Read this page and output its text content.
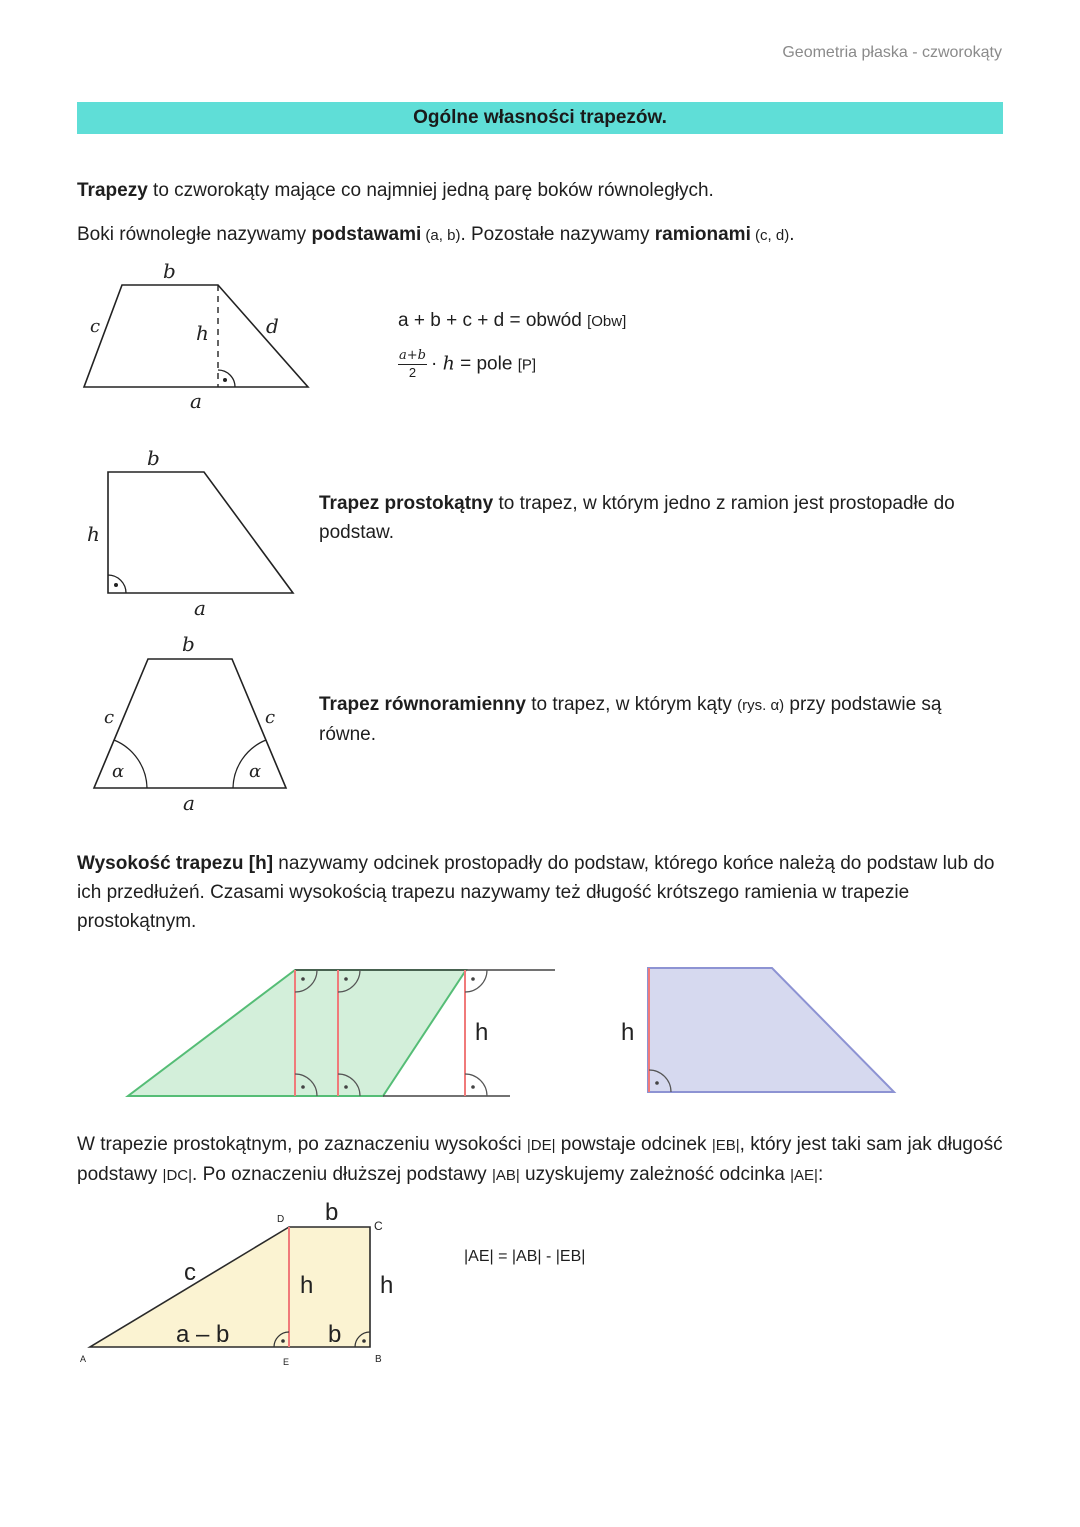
Geometria płaska - czworokąty
Ogólne własności trapezów.
Trapezy to czworokąty mające co najmniej jedną parę boków równoległych.
Boki równoległe nazywamy podstawami (a, b). Pozostałe nazywamy ramionami (c, d).
b
c	h	d
a
a + b + c + d = obwód [Obw]
$\frac{a+b}{2} \cdot h$ = pole [P]
b
h
a
Trapez prostokątny to trapez, w którym jedno z ramion jest prostopadłe do podstaw.
b
c	c
α	α
a
Trapez równoramienny to trapez, w którym kąty (rys. α) przy podstawie są równe.
Wysokość trapezu [h] nazywamy odcinek prostopadły do podstaw, którego końce należą do podstaw lub do ich przedłużeń. Czasami wysokością trapezu nazywamy też długość krótszego ramienia w trapezie prostokątnym.
h	h
W trapezie prostokątnym, po zaznaczeniu wysokości |DE| powstaje odcinek |EB|, który jest taki sam jak długość podstawy |DC|. Po oznaczeniu dłuższej podstawy |AB| uzyskujemy zależność odcinka |AE|:
b
c	h	h
a – b	b
A	B
C
D
E
|AE| = |AB| - |EB|
